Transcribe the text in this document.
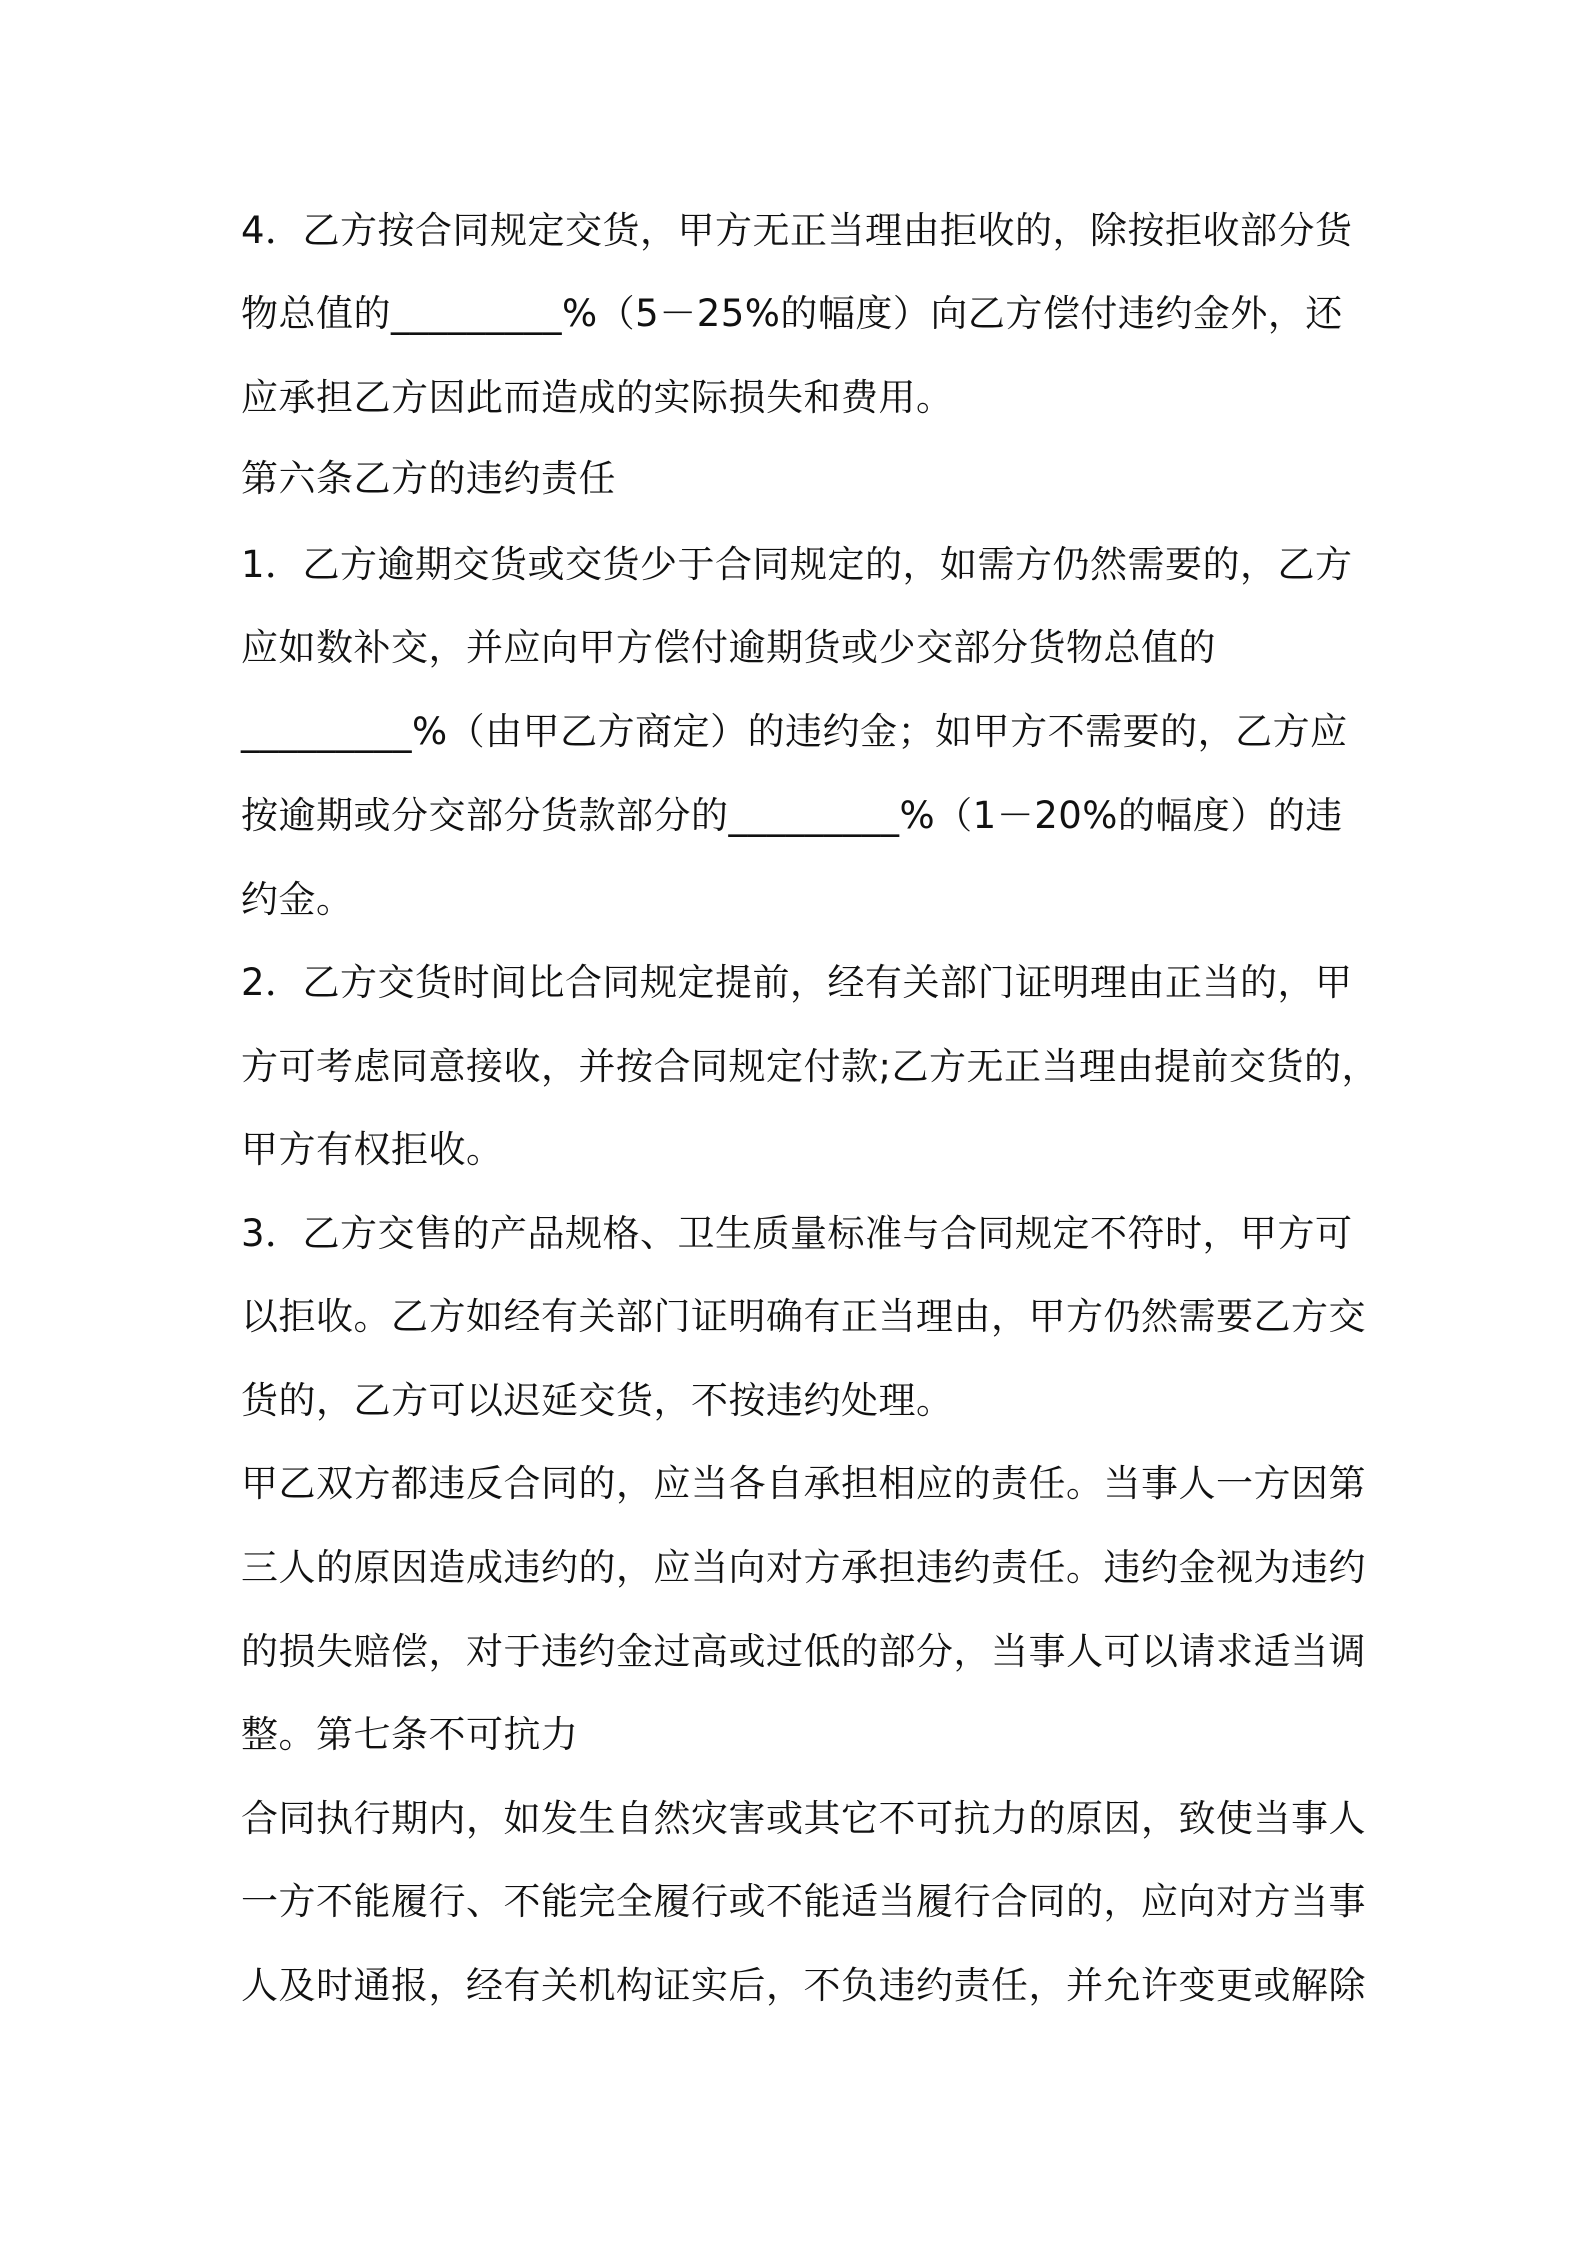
4．乙方按合同规定交货，甲方无正当理由拒收的，除按拒收部分货
物总值的_________%（5－25%的幅度）向乙方偿付违约金外，还
应承担乙方因此而造成的实际损失和费用。
第六条乙方的违约责任
1．乙方逾期交货或交货少于合同规定的，如需方仍然需要的，乙方
应如数补交，并应向甲方偿付逾期货或少交部分货物总值的
_________%（由甲乙方商定）的违约金；如甲方不需要的，乙方应
按逾期或分交部分货款部分的_________%（1－20%的幅度）的违
约金。
2．乙方交货时间比合同规定提前，经有关部门证明理由正当的，甲
方可考虑同意接收，并按合同规定付款;乙方无正当理由提前交货的，
甲方有权拒收。
3．乙方交售的产品规格、卫生质量标准与合同规定不符时，甲方可
以拒收。乙方如经有关部门证明确有正当理由，甲方仍然需要乙方交
货的，乙方可以迟延交货，不按违约处理。
甲乙双方都违反合同的，应当各自承担相应的责任。当事人一方因第
三人的原因造成违约的，应当向对方承担违约责任。违约金视为违约
的损失赔偿，对于违约金过高或过低的部分，当事人可以请求适当调
整。第七条不可抗力
合同执行期内，如发生自然灾害或其它不可抗力的原因，致使当事人
一方不能履行、不能完全履行或不能适当履行合同的，应向对方当事
人及时通报，经有关机构证实后，不负违约责任，并允许变更或解除
